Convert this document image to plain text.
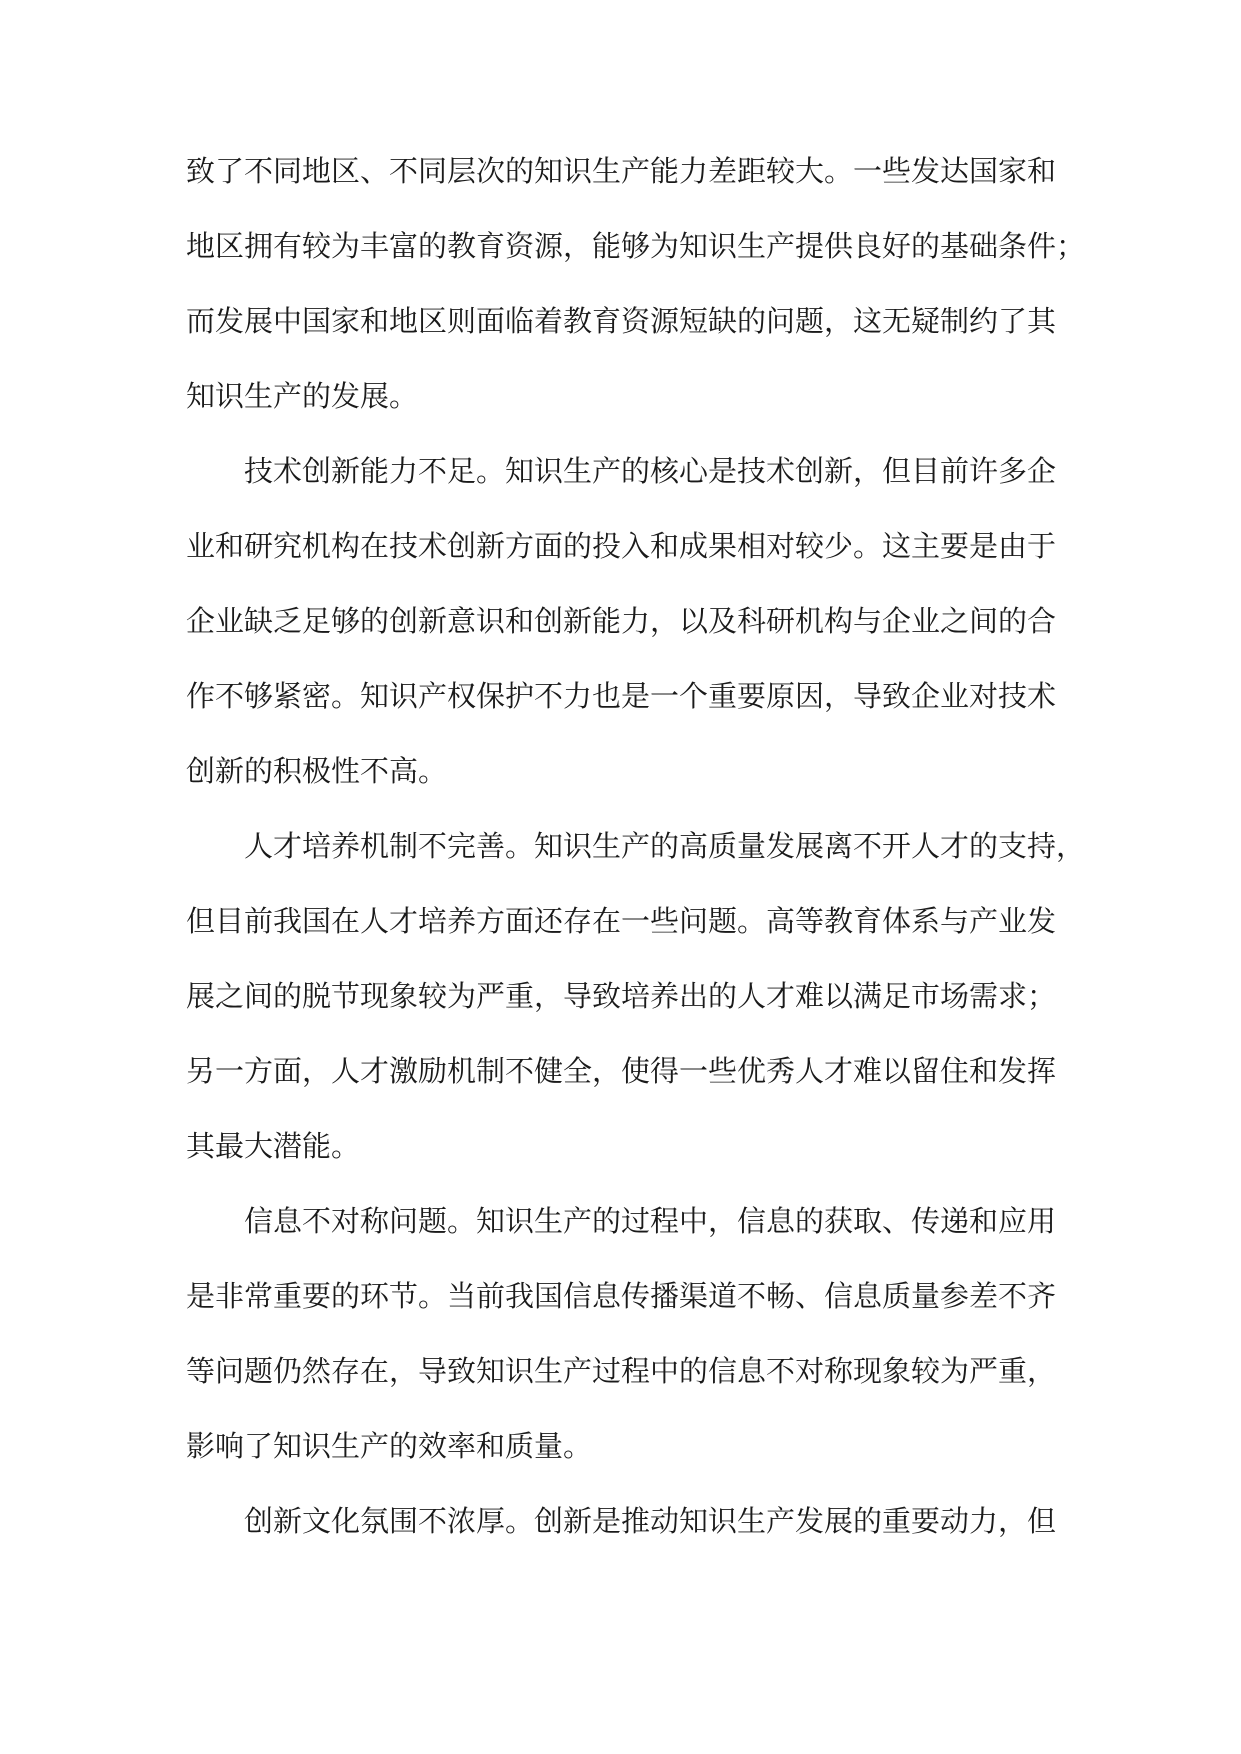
致了不同地区、不同层次的知识生产能力差距较大。一些发达国家和
地区拥有较为丰富的教育资源，能够为知识生产提供良好的基础条件；
而发展中国家和地区则面临着教育资源短缺的问题，这无疑制约了其
知识生产的发展。
技术创新能力不足。知识生产的核心是技术创新，但目前许多企
业和研究机构在技术创新方面的投入和成果相对较少。这主要是由于
企业缺乏足够的创新意识和创新能力，以及科研机构与企业之间的合
作不够紧密。知识产权保护不力也是一个重要原因，导致企业对技术
创新的积极性不高。
人才培养机制不完善。知识生产的高质量发展离不开人才的支持，
但目前我国在人才培养方面还存在一些问题。高等教育体系与产业发
展之间的脱节现象较为严重，导致培养出的人才难以满足市场需求；
另一方面，人才激励机制不健全，使得一些优秀人才难以留住和发挥
其最大潜能。
信息不对称问题。知识生产的过程中，信息的获取、传递和应用
是非常重要的环节。当前我国信息传播渠道不畅、信息质量参差不齐
等问题仍然存在，导致知识生产过程中的信息不对称现象较为严重，
影响了知识生产的效率和质量。
创新文化氛围不浓厚。创新是推动知识生产发展的重要动力，但
